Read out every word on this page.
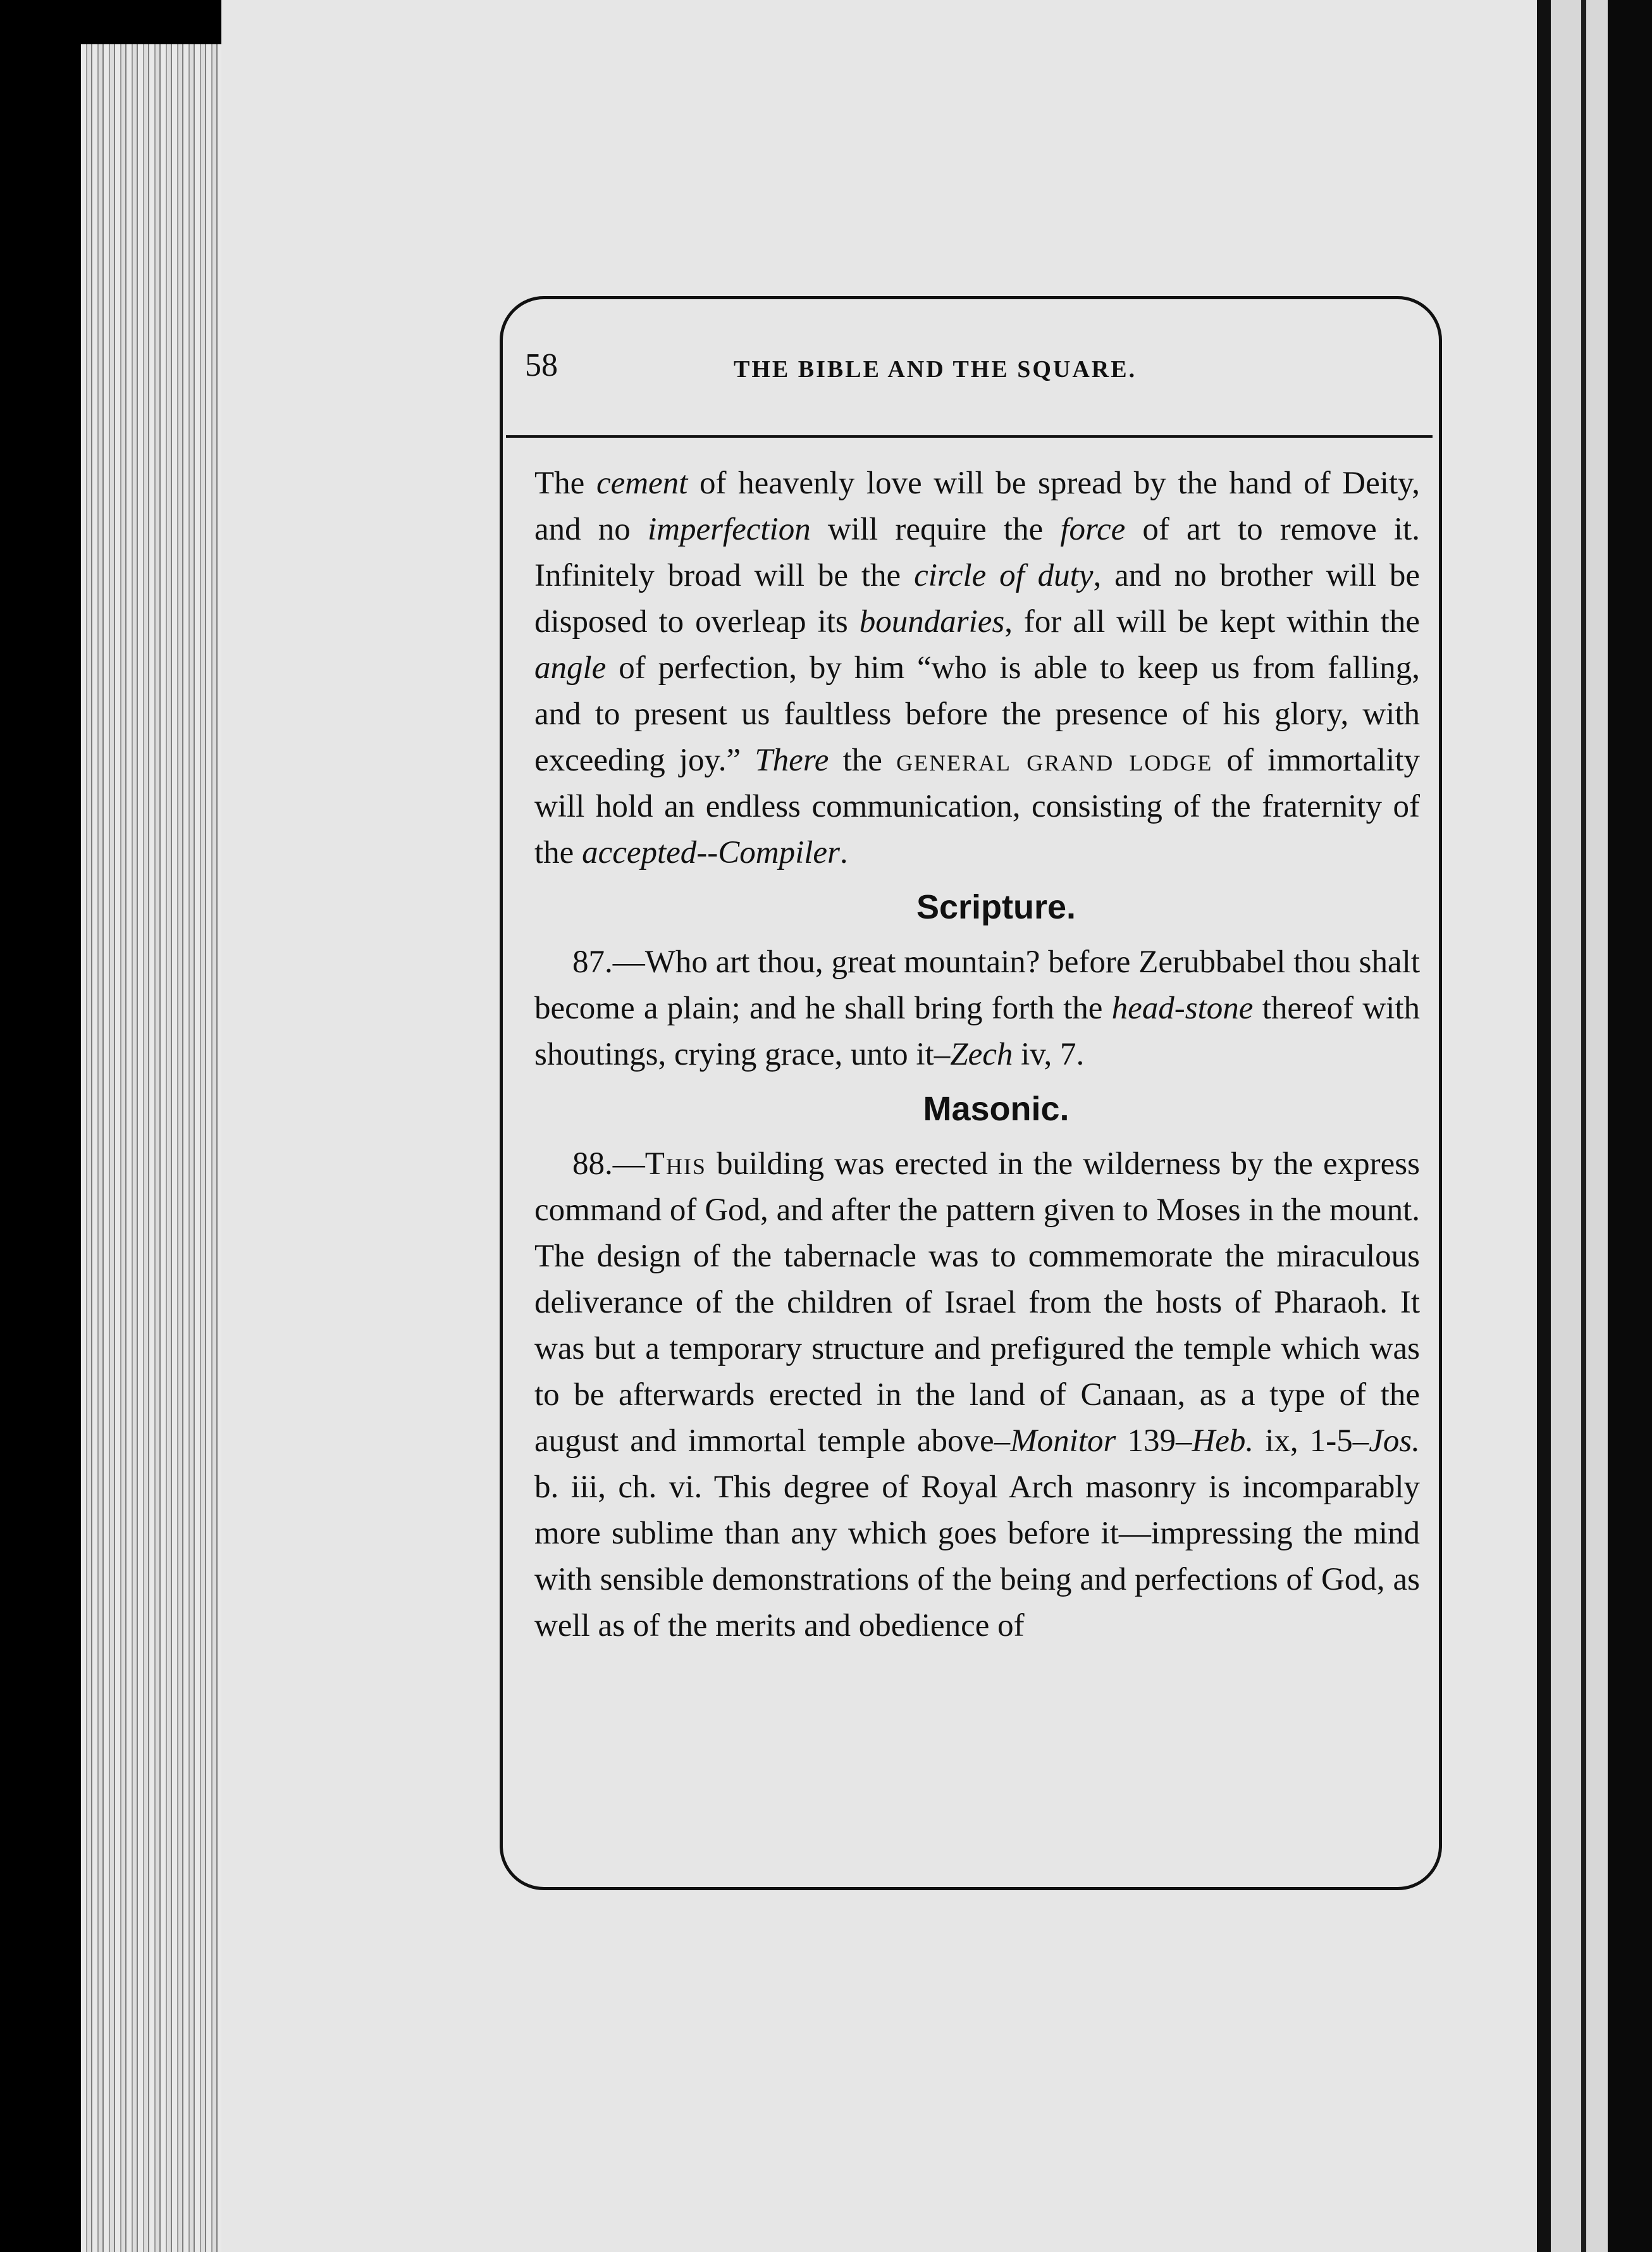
58	THE BIBLE AND THE SQUARE.

The cement of heavenly love will be spread by the hand of Deity, and no imperfection will require the force of art to remove it. Infinitely broad will be the circle of duty, and no brother will be disposed to overleap its boundaries, for all will be kept within the angle of perfection, by him “who is able to keep us from falling, and to present us faultless before the presence of his glory, with exceeding joy.” There the general grand lodge of immortality will hold an endless communication, consisting of the fraternity of the accepted--Compiler.

Scripture.

87.—Who art thou, great mountain? before Zerubbabel thou shalt become a plain; and he shall bring forth the head-stone thereof with shoutings, crying grace, unto it–Zech iv, 7.

Masonic.

88.—This building was erected in the wilderness by the express command of God, and after the pattern given to Moses in the mount. The design of the tabernacle was to commemorate the miraculous deliverance of the children of Israel from the hosts of Pharaoh. It was but a temporary structure and prefigured the temple which was to be afterwards erected in the land of Canaan, as a type of the august and immortal temple above–Monitor 139–Heb. ix, 1-5–Jos. b. iii, ch. vi. This degree of Royal Arch masonry is incomparably more sublime than any which goes before it—impressing the mind with sensible demonstrations of the being and perfections of God, as well as of the merits and obedience of
